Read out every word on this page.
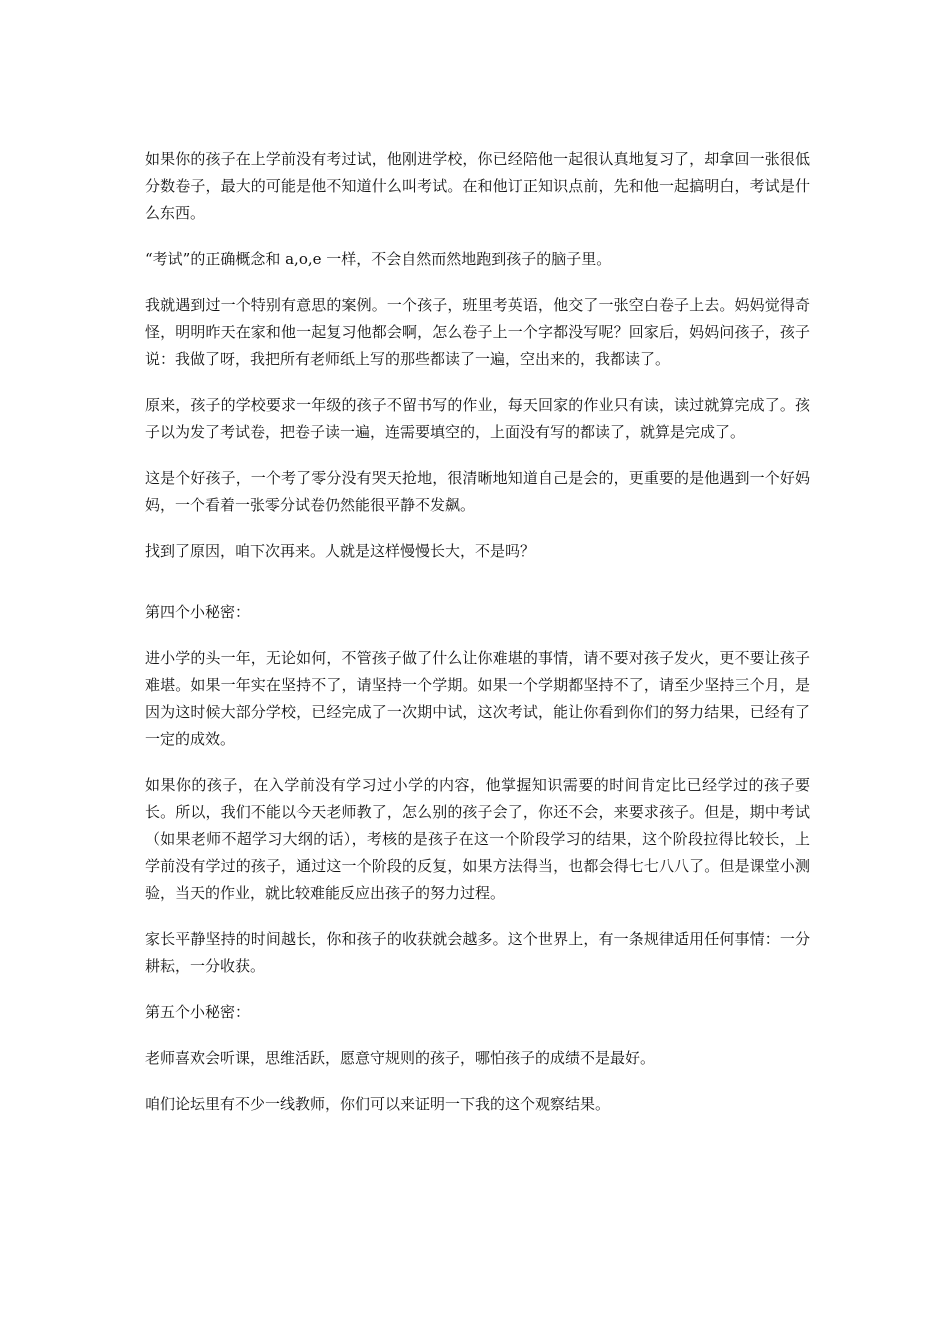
如果你的孩子在上学前没有考过试，他刚进学校，你已经陪他一起很认真地复习了，却拿回一张很低分数卷子，最大的可能是他不知道什么叫考试。在和他订正知识点前，先和他一起搞明白，考试是什么东西。

“考试”的正确概念和 a,o,e 一样，不会自然而然地跑到孩子的脑子里。

我就遇到过一个特别有意思的案例。一个孩子，班里考英语，他交了一张空白卷子上去。妈妈觉得奇怪，明明昨天在家和他一起复习他都会啊，怎么卷子上一个字都没写呢？回家后，妈妈问孩子，孩子说：我做了呀，我把所有老师纸上写的那些都读了一遍，空出来的，我都读了。

原来，孩子的学校要求一年级的孩子不留书写的作业，每天回家的作业只有读，读过就算完成了。孩子以为发了考试卷，把卷子读一遍，连需要填空的，上面没有写的都读了，就算是完成了。

这是个好孩子，一个考了零分没有哭天抢地，很清晰地知道自己是会的，更重要的是他遇到一个好妈妈，一个看着一张零分试卷仍然能很平静不发飙。

找到了原因，咱下次再来。人就是这样慢慢长大，不是吗？

第四个小秘密：

进小学的头一年，无论如何，不管孩子做了什么让你难堪的事情，请不要对孩子发火，更不要让孩子难堪。如果一年实在坚持不了，请坚持一个学期。如果一个学期都坚持不了，请至少坚持三个月，是因为这时候大部分学校，已经完成了一次期中试，这次考试，能让你看到你们的努力结果，已经有了一定的成效。

如果你的孩子，在入学前没有学习过小学的内容，他掌握知识需要的时间肯定比已经学过的孩子要长。所以，我们不能以今天老师教了，怎么别的孩子会了，你还不会，来要求孩子。但是，期中考试（如果老师不超学习大纲的话），考核的是孩子在这一个阶段学习的结果，这个阶段拉得比较长，上学前没有学过的孩子，通过这一个阶段的反复，如果方法得当，也都会得七七八八了。但是课堂小测验，当天的作业，就比较难能反应出孩子的努力过程。

家长平静坚持的时间越长，你和孩子的收获就会越多。这个世界上，有一条规律适用任何事情：一分耕耘，一分收获。

第五个小秘密：

老师喜欢会听课，思维活跃，愿意守规则的孩子，哪怕孩子的成绩不是最好。

咱们论坛里有不少一线教师，你们可以来证明一下我的这个观察结果。
